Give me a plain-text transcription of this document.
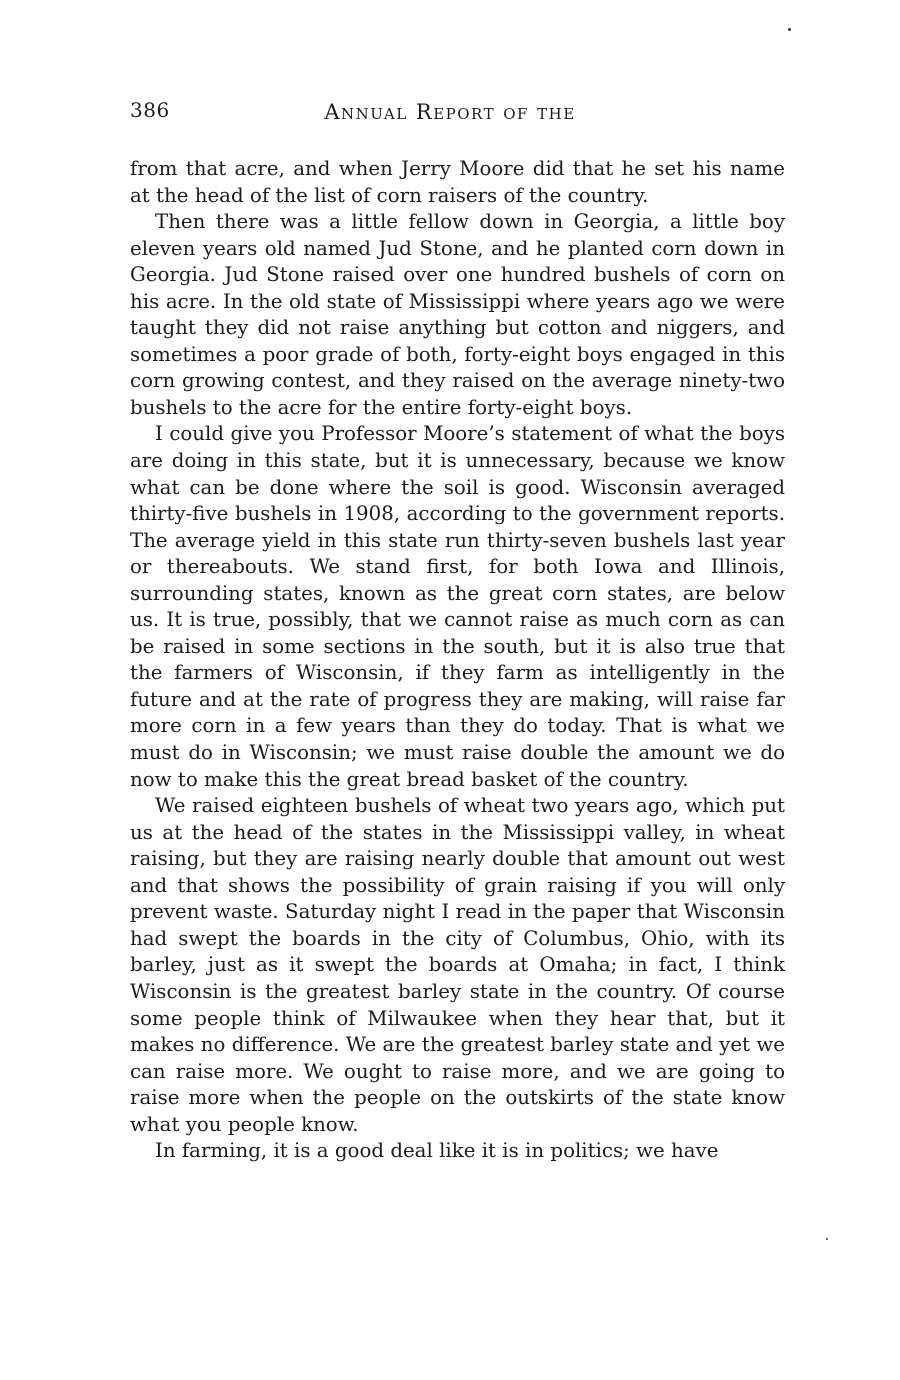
386	Annual Report of the

from that acre, and when Jerry Moore did that he set his name at the head of the list of corn raisers of the country.

Then there was a little fellow down in Georgia, a little boy eleven years old named Jud Stone, and he planted corn down in Georgia. Jud Stone raised over one hundred bushels of corn on his acre. In the old state of Mississippi where years ago we were taught they did not raise anything but cotton and niggers, and sometimes a poor grade of both, forty-eight boys engaged in this corn growing contest, and they raised on the average ninety-two bushels to the acre for the entire forty-eight boys.

I could give you Professor Moore’s statement of what the boys are doing in this state, but it is unnecessary, because we know what can be done where the soil is good. Wisconsin averaged thirty-five bushels in 1908, according to the government reports. The average yield in this state run thirty-seven bushels last year or thereabouts. We stand first, for both Iowa and Illinois, surrounding states, known as the great corn states, are below us. It is true, possibly, that we cannot raise as much corn as can be raised in some sections in the south, but it is also true that the farmers of Wisconsin, if they farm as intelligently in the future and at the rate of progress they are making, will raise far more corn in a few years than they do today. That is what we must do in Wisconsin; we must raise double the amount we do now to make this the great bread basket of the country.

We raised eighteen bushels of wheat two years ago, which put us at the head of the states in the Mississippi valley, in wheat raising, but they are raising nearly double that amount out west and that shows the possibility of grain raising if you will only prevent waste. Saturday night I read in the paper that Wisconsin had swept the boards in the city of Columbus, Ohio, with its barley, just as it swept the boards at Omaha; in fact, I think Wisconsin is the greatest barley state in the country. Of course some people think of Milwaukee when they hear that, but it makes no difference. We are the greatest barley state and yet we can raise more. We ought to raise more, and we are going to raise more when the people on the outskirts of the state know what you people know.

In farming, it is a good deal like it is in politics; we have
